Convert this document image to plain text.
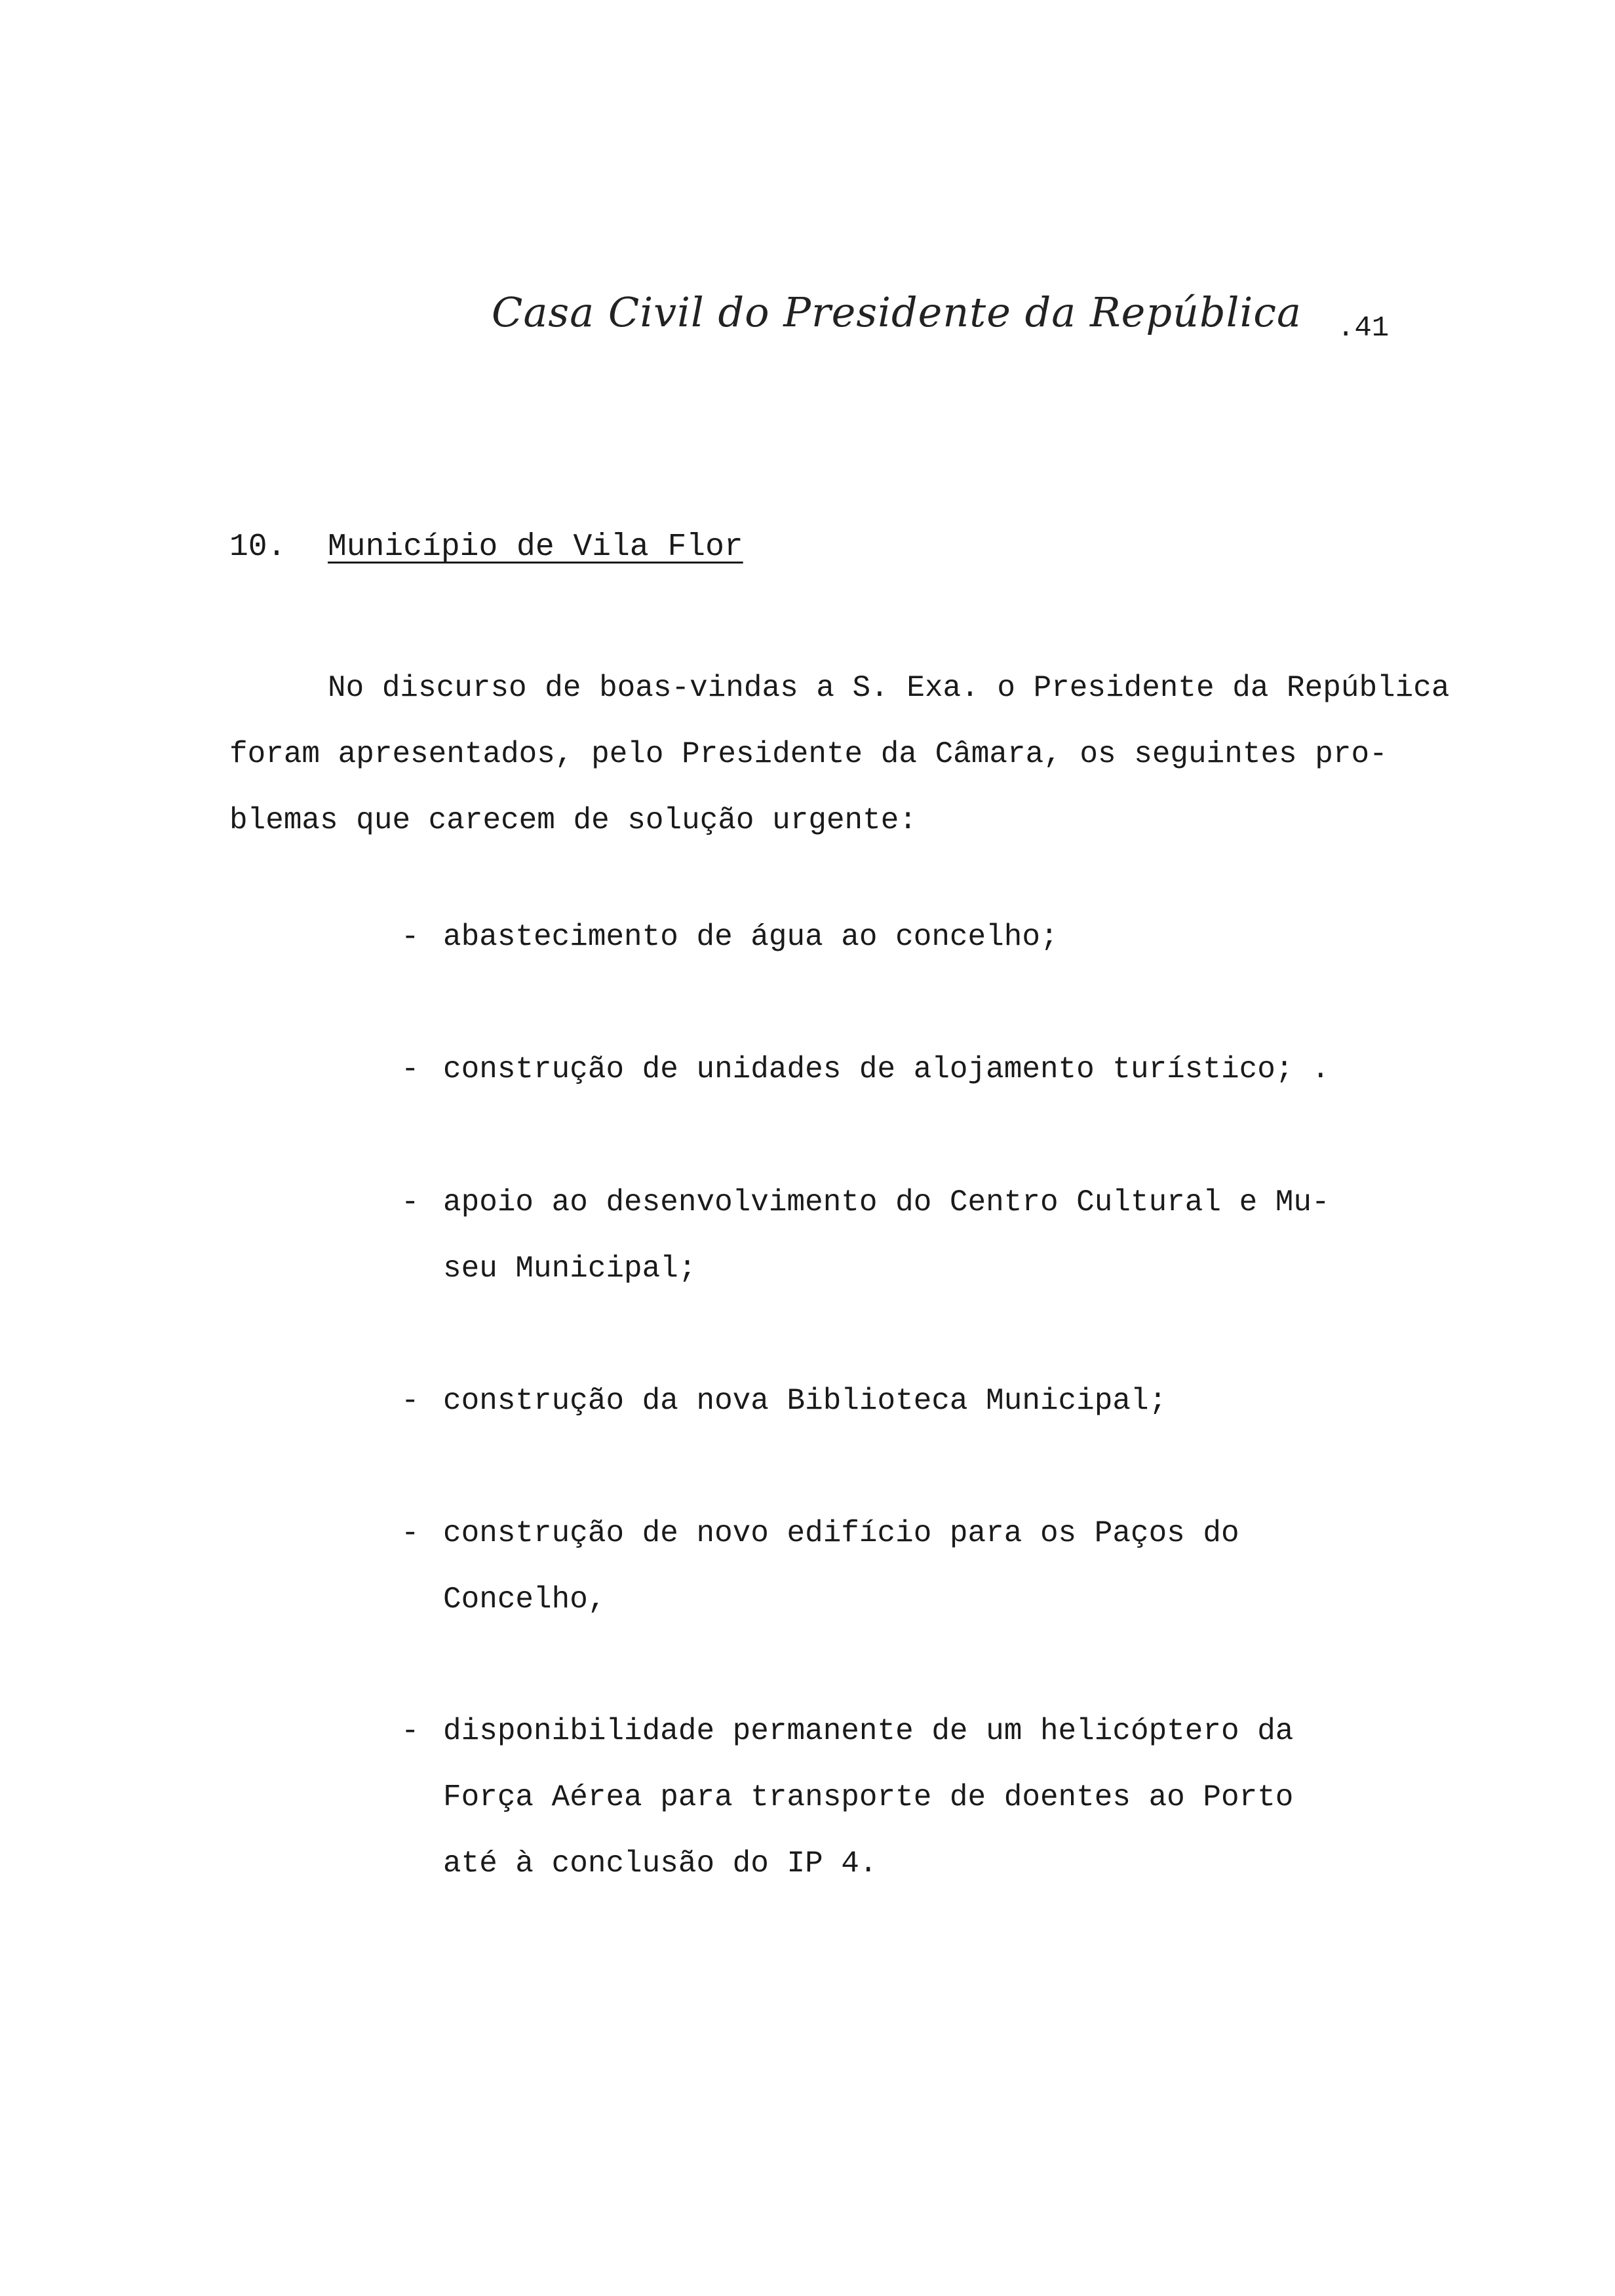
Casa Civil do Presidente da República .41
10. Município de Vila Flor
No discurso de boas-vindas a S. Exa. o Presidente da República
foram apresentados, pelo Presidente da Câmara, os seguintes pro-
blemas que carecem de solução urgente:
- abastecimento de água ao concelho;
- construção de unidades de alojamento turístico; .
- apoio ao desenvolvimento do Centro Cultural e Mu-
seu Municipal;
- construção da nova Biblioteca Municipal;
- construção de novo edifício para os Paços do
Concelho,
- disponibilidade permanente de um helicóptero da
Força Aérea para transporte de doentes ao Porto
até à conclusão do IP 4.
